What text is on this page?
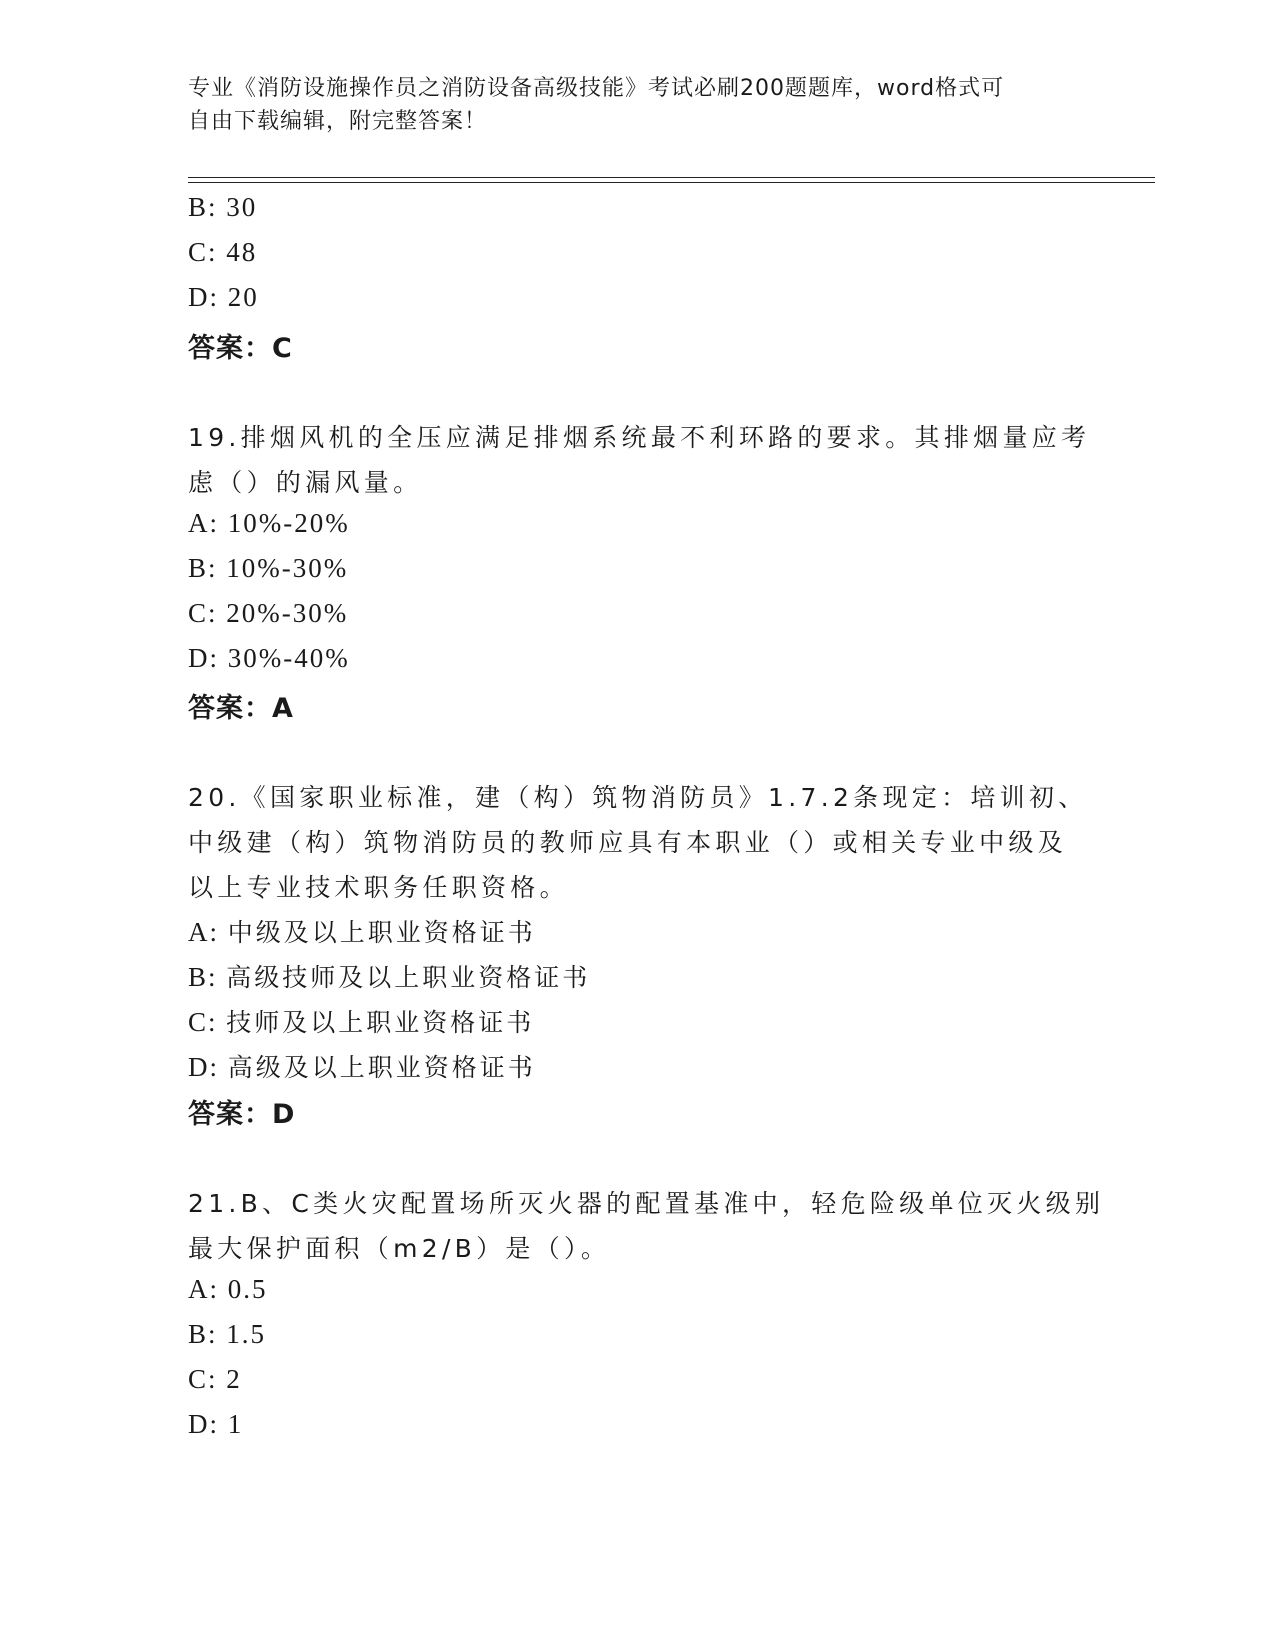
专业《消防设施操作员之消防设备高级技能》考试必刷200题题库，word格式可
自由下载编辑，附完整答案！
B: 30
C: 48
D: 20
答案：C
19.排烟风机的全压应满足排烟系统最不利环路的要求。其排烟量应考
虑（）的漏风量。
A: 10%-20%
B: 10%-30%
C: 20%-30%
D: 30%-40%
答案：A
20.《国家职业标准，建（构）筑物消防员》1.7.2条现定：培训初、
中级建（构）筑物消防员的教师应具有本职业（）或相关专业中级及
以上专业技术职务任职资格。
A: 中级及以上职业资格证书
B: 高级技师及以上职业资格证书
C: 技师及以上职业资格证书
D: 高级及以上职业资格证书
答案：D
21.B、C类火灾配置场所灭火器的配置基准中，轻危险级单位灭火级别
最大保护面积（m2/B）是（）。
A: 0.5
B: 1.5
C: 2
D: 1
